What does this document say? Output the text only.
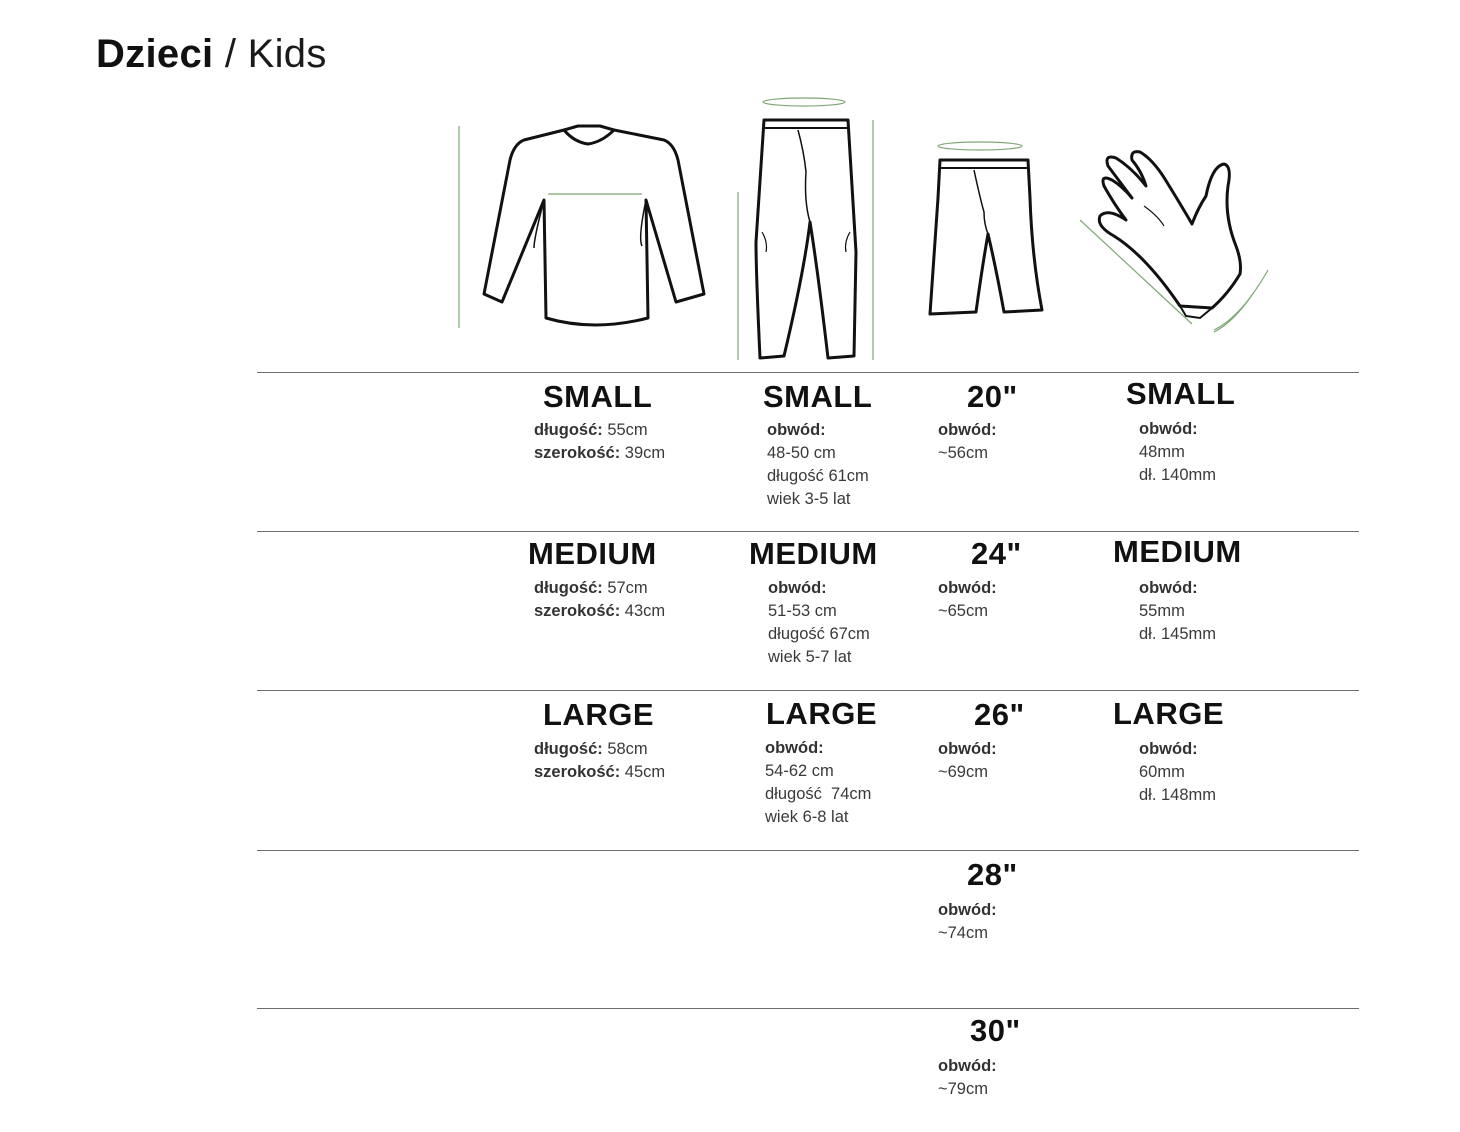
Dzieci / Kids
SMALL
długość: 55cm
szerokość: 39cm
SMALL
obwód:
48-50 cm
długość 61cm
wiek 3-5 lat
20"
obwód:
~56cm
SMALL
obwód:
48mm
dł. 140mm
MEDIUM
długość: 57cm
szerokość: 43cm
MEDIUM
obwód:
51-53 cm
długość 67cm
wiek 5-7 lat
24"
obwód:
~65cm
MEDIUM
obwód:
55mm
dł. 145mm
LARGE
długość: 58cm
szerokość: 45cm
LARGE
obwód:
54-62 cm
długość  74cm
wiek 6-8 lat
26"
obwód:
~69cm
LARGE
obwód:
60mm
dł. 148mm
28"
obwód:
~74cm
30"
obwód:
~79cm
